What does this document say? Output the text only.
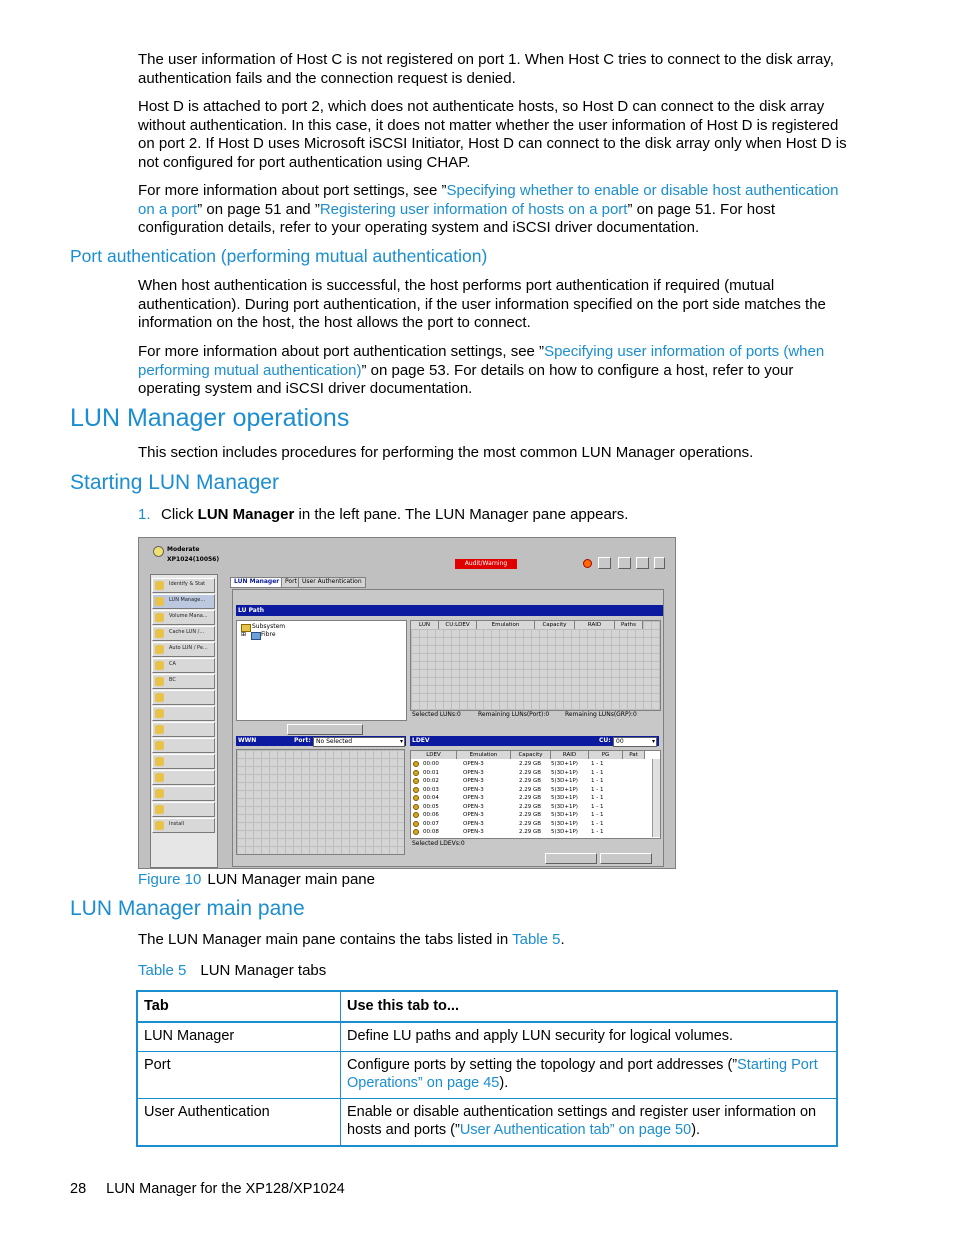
The user information of Host C is not registered on port 1. When Host C tries to connect to the disk array, authentication fails and the connection request is denied.

Host D is attached to port 2, which does not authenticate hosts, so Host D can connect to the disk array without authentication. In this case, it does not matter whether the user information of Host D is registered on port 2. If Host D uses Microsoft iSCSI Initiator, Host D can connect to the disk array only when Host D is not configured for port authentication using CHAP.

For more information about port settings, see ”Specifying whether to enable or disable host authentication on a port” on page 51 and ”Registering user information of hosts on a port” on page 51. For host configuration details, refer to your operating system and iSCSI driver documentation.

Port authentication (performing mutual authentication)

When host authentication is successful, the host performs port authentication if required (mutual authentication). During port authentication, if the user information specified on the port side matches the information on the host, the host allows the port to connect.

For more information about port authentication settings, see ”Specifying user information of ports (when performing mutual authentication)” on page 53. For details on how to configure a host, refer to your operating system and iSCSI driver documentation.

LUN Manager operations

This section includes procedures for performing the most common LUN Manager operations.

Starting LUN Manager
1. Click LUN Manager in the left pane. The LUN Manager pane appears.
Moderate
XP1024(10056)
Audit/Warning
Identify & Stat
LUN Manage...
Volume Mana...
Cache LUN /...
Auto LUN / Pe...
CA
BC
Install
LUN Manager Port User Authentication
LU Path
Subsystem
⊞ Fibre
LUN	CU:LDEV	Emulation	Capacity	RAID	Paths
Selected LUNs:0	Remaining LUNs(Port):0	Remaining LUNs(GRP):0
WWN	Port: No Selected	▾	LDEV	CU: 00	▾
LDEV	Emulation	Capacity	RAID	PG	Pat
00:00	OPEN-3	2.29 GB 5(3D+1P) 1 - 1
00:01	OPEN-3	2.29 GB 5(3D+1P) 1 - 1
00:02	OPEN-3	2.29 GB 5(3D+1P) 1 - 1
00:03	OPEN-3	2.29 GB 5(3D+1P) 1 - 1
00:04	OPEN-3	2.29 GB 5(3D+1P) 1 - 1
00:05	OPEN-3	2.29 GB 5(3D+1P) 1 - 1
00:06	OPEN-3	2.29 GB 5(3D+1P) 1 - 1
00:07	OPEN-3	2.29 GB 5(3D+1P) 1 - 1
00:08	OPEN-3	2.29 GB 5(3D+1P) 1 - 1
Selected LDEVs:0
Figure 10 LUN Manager main pane
LUN Manager main pane

The LUN Manager main pane contains the tabs listed in Table 5.

Table 5 LUN Manager tabs
Tab	Use this tab to...
LUN Manager	Define LU paths and apply LUN security for logical volumes.
Port	Configure ports by setting the topology and port addresses (”Starting Port Operations” on page 45).
User Authentication	Enable or disable authentication settings and register user information on hosts and ports (”User Authentication tab” on page 50).
28 LUN Manager for the XP128/XP1024
